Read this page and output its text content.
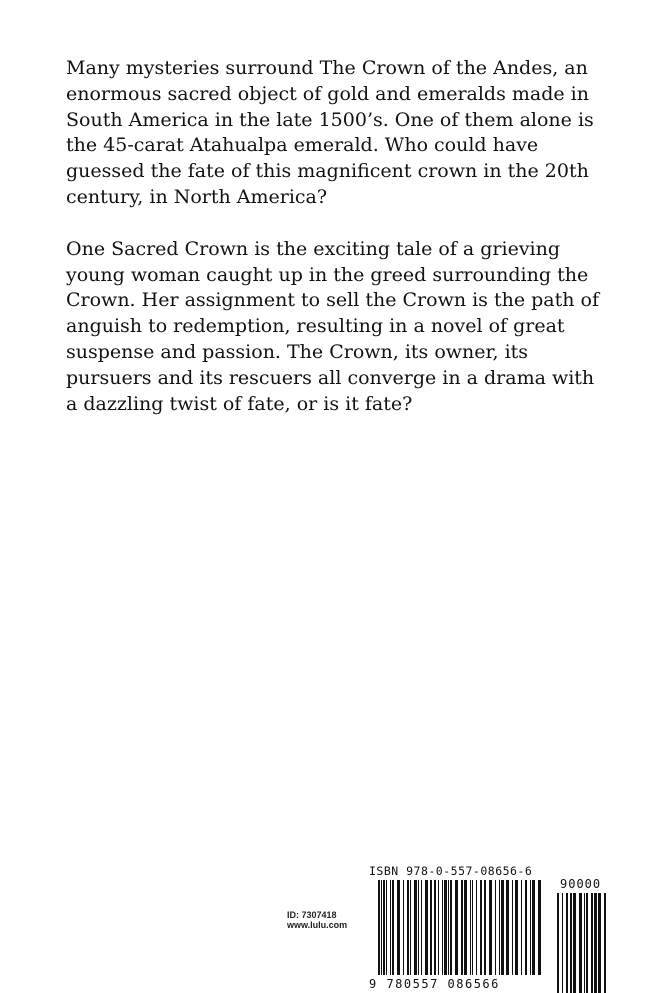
Many mysteries surround The Crown of the Andes, an enormous sacred object of gold and emeralds made in South America in the late 1500’s. One of them alone is the 45-carat Atahualpa emerald. Who could have guessed the fate of this magnificent crown in the 20th century, in North America?

One Sacred Crown is the exciting tale of a grieving young woman caught up in the greed surrounding the Crown. Her assignment to sell the Crown is the path of anguish to redemption, resulting in a novel of great suspense and passion. The Crown, its owner, its pursuers and its rescuers all converge in a drama with a dazzling twist of fate, or is it fate?

ID: 7307418
www.lulu.com
ISBN 978-0-557-08656-6
90000
9 780557 086566
